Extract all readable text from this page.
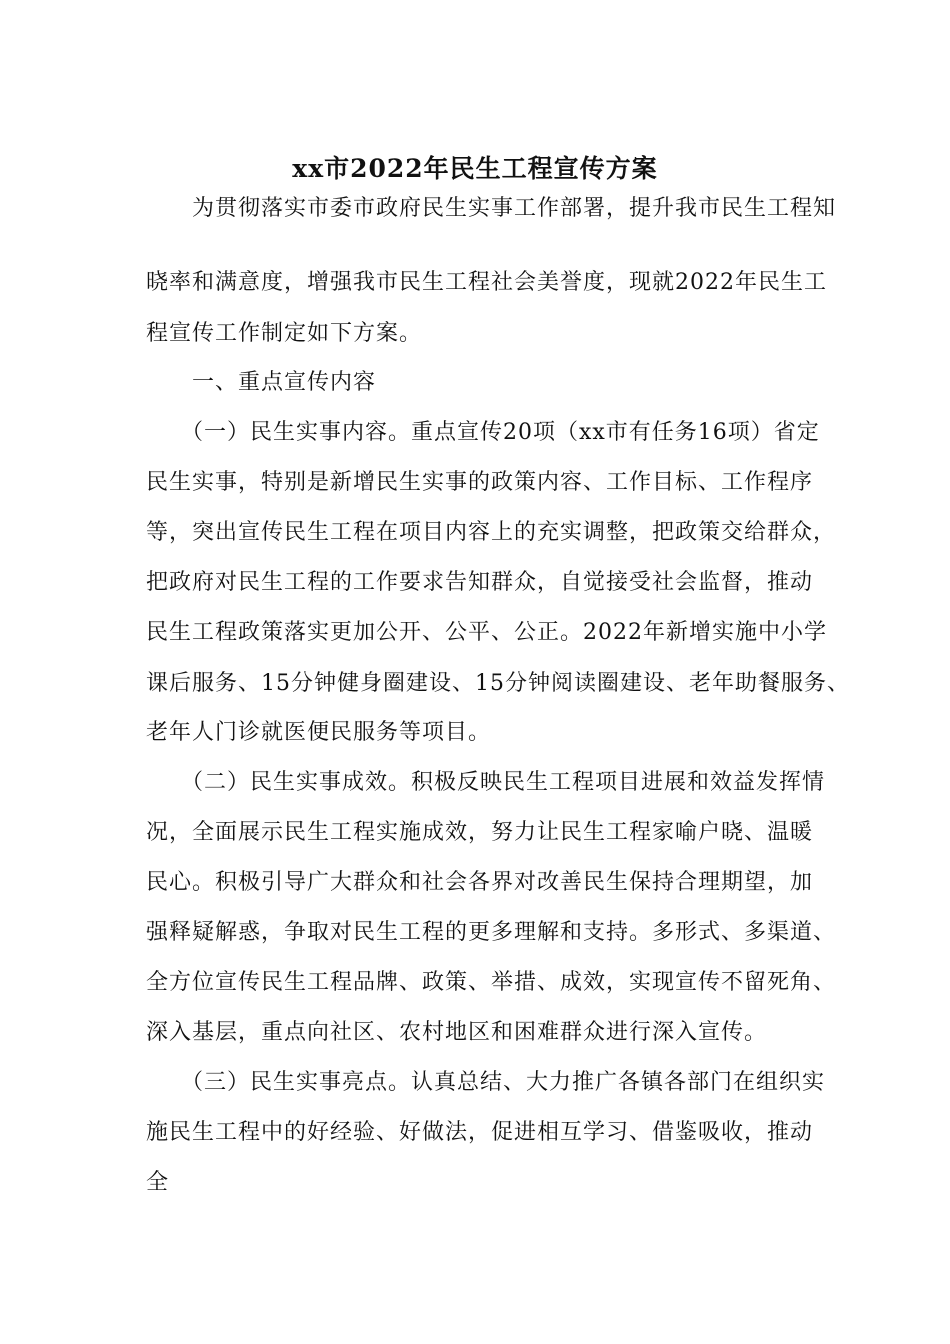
xx市2022年民生工程宣传方案
　　为贯彻落实市委市政府民生实事工作部署，提升我市民生工程知
晓率和满意度，增强我市民生工程社会美誉度，现就2022年民生工
程宣传工作制定如下方案。
　　一、重点宣传内容
　　（一）民生实事内容。重点宣传20项（xx市有任务16项）省定
民生实事，特别是新增民生实事的政策内容、工作目标、工作程序
等，突出宣传民生工程在项目内容上的充实调整，把政策交给群众，
把政府对民生工程的工作要求告知群众，自觉接受社会监督，推动
民生工程政策落实更加公开、公平、公正。2022年新增实施中小学
课后服务、15分钟健身圈建设、15分钟阅读圈建设、老年助餐服务、
老年人门诊就医便民服务等项目。
　　（二）民生实事成效。积极反映民生工程项目进展和效益发挥情
况，全面展示民生工程实施成效，努力让民生工程家喻户晓、温暖
民心。积极引导广大群众和社会各界对改善民生保持合理期望，加
强释疑解惑，争取对民生工程的更多理解和支持。多形式、多渠道、
全方位宣传民生工程品牌、政策、举措、成效，实现宣传不留死角、
深入基层，重点向社区、农村地区和困难群众进行深入宣传。
　　（三）民生实事亮点。认真总结、大力推广各镇各部门在组织实
施民生工程中的好经验、好做法，促进相互学习、借鉴吸收，推动
全
